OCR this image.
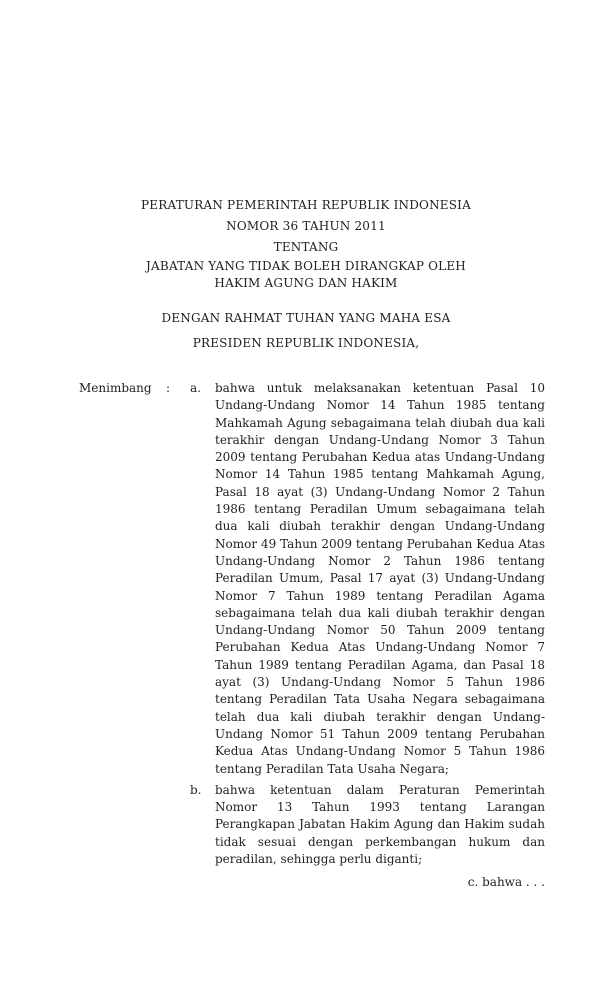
PERATURAN PEMERINTAH REPUBLIK INDONESIA
NOMOR 36 TAHUN 2011
TENTANG
JABATAN YANG TIDAK BOLEH DIRANGKAP OLEH
HAKIM AGUNG DAN HAKIM
DENGAN RAHMAT TUHAN YANG MAHA ESA
PRESIDEN REPUBLIK INDONESIA,
Menimbang	:	a.	bahwa untuk melaksanakan ketentuan Pasal 10 Undang-Undang Nomor 14 Tahun 1985 tentang Mahkamah Agung sebagaimana telah diubah dua kali terakhir dengan Undang-Undang Nomor 3 Tahun 2009 tentang Perubahan Kedua atas Undang-Undang Nomor 14 Tahun 1985 tentang Mahkamah Agung, Pasal 18 ayat (3) Undang-Undang Nomor 2 Tahun 1986 tentang Peradilan Umum sebagaimana telah dua kali diubah terakhir dengan Undang-Undang Nomor 49 Tahun 2009 tentang Perubahan Kedua Atas Undang-Undang Nomor 2 Tahun 1986 tentang Peradilan Umum, Pasal 17 ayat (3) Undang-Undang Nomor 7 Tahun 1989 tentang Peradilan Agama sebagaimana telah dua kali diubah terakhir dengan Undang-Undang Nomor 50 Tahun 2009 tentang Perubahan Kedua Atas Undang-Undang Nomor 7 Tahun 1989 tentang Peradilan Agama, dan Pasal 18 ayat (3) Undang-Undang Nomor 5 Tahun 1986 tentang Peradilan Tata Usaha Negara sebagaimana telah dua kali diubah terakhir dengan Undang-Undang Nomor 51 Tahun 2009 tentang Perubahan Kedua Atas Undang-Undang Nomor 5 Tahun 1986 tentang Peradilan Tata Usaha Negara;
b.	bahwa ketentuan dalam Peraturan Pemerintah Nomor 13 Tahun 1993 tentang Larangan Perangkapan Jabatan Hakim Agung dan Hakim sudah tidak sesuai dengan perkembangan hukum dan peradilan, sehingga perlu diganti;
c. bahwa . . .
